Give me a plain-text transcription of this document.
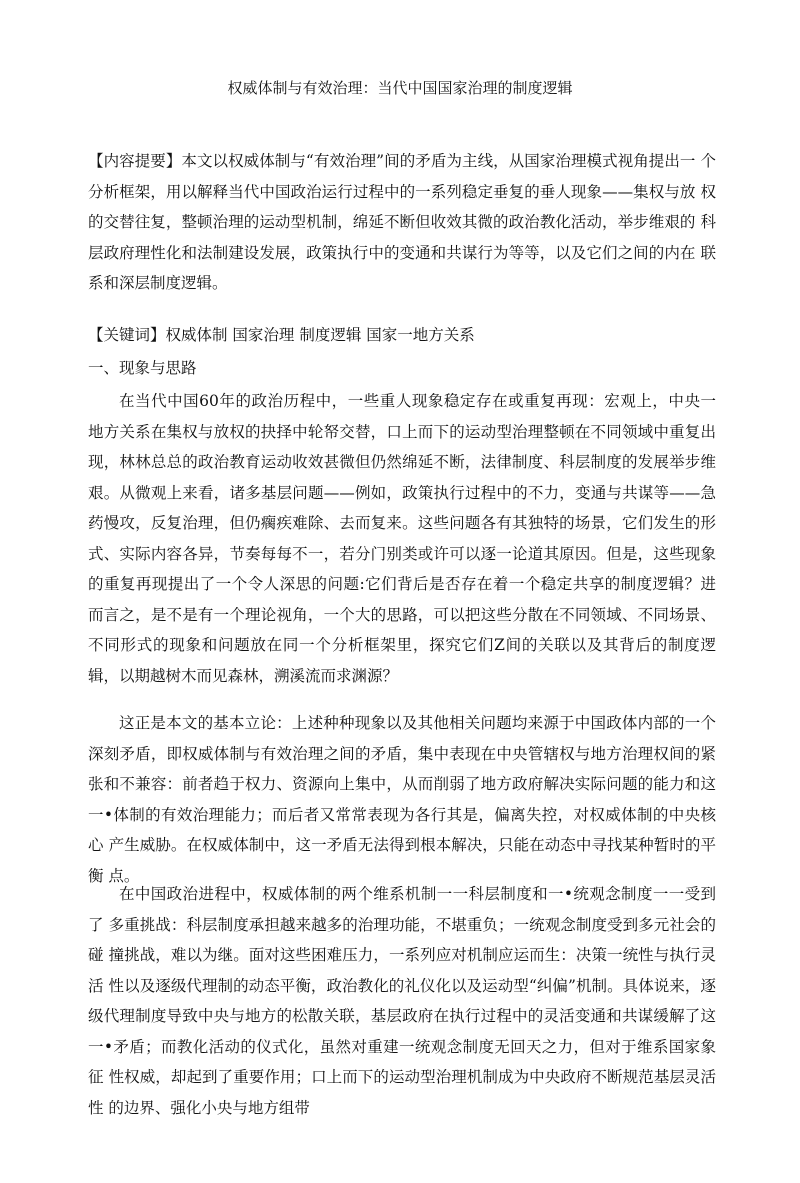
权威体制与有效治理：当代中国国家治理的制度逻辑

【内容提要】本文以权威体制与“有效治理”间的矛盾为主线，从国家治理模式视角提出一 个分析框架，用以解释当代中国政治运行过程中的一系列稳定垂复的垂人现象——集权与放 权的交替往复，整顿治理的运动型机制，绵延不断但收效其微的政治教化活动，举步维艰的 科层政府理性化和法制建设发展，政策执行中的变通和共谋行为等等，以及它们之间的内在 联系和深层制度逻辑。

【关键词】权威体制 国家治理 制度逻辑 国家一地方关系

一、现象与思路

在当代中国60年的政治历程中，一些重人现象稳定存在或重复再现：宏观上，中央一 地方关系在集权与放权的抉择中轮帑交替，口上而下的运动型治理整顿在不同领域中重复出 现，林林总总的政治教育运动收效甚微但仍然绵延不断，法律制度、科层制度的发展举步维 艰。从微观上来看，诸多基层问题——例如，政策执行过程中的不力，变通与共谋等——急 药慢攻，反复治理，但仍瘸疾难除、去而复来。这些问题各有其独特的场景，它们发生的形 式、实际内容各异，节奏每每不一，若分门别类或许可以逐一论道其原因。但是，这些现象 的重复再现提出了一个令人深思的问题:它们背后是否存在着一个稳定共享的制度逻辑？进 而言之，是不是有一个理论视角，一个大的思路，可以把这些分散在不同领域、不同场景、不同形式的现象和问题放在同一个分析框架里，探究它们Z间的关联以及其背后的制度逻 辑，以期越树木而见森林，溯溪流而求渊源？

这正是本文的基本立论：上述种种现象以及其他相关问题均来源于中国政体内部的一个 深刻矛盾，即权威体制与有效治理之间的矛盾，集中表现在中央管辖权与地方治理权间的紧 张和不兼容：前者趋于权力、资源向上集中，从而削弱了地方政府解决实际问题的能力和这 一•体制的有效治理能力；而后者又常常表现为各行其是，偏离失控，对权威体制的中央核心 产生威胁。在权威体制中，这一矛盾无法得到根本解决，只能在动态中寻找某种暂时的平衡 点。

在中国政治进程中，权威体制的两个维系机制一一科层制度和一•统观念制度一一受到了 多重挑战：科层制度承担越来越多的治理功能，不堪重负；一统观念制度受到多元社会的碰 撞挑战，难以为继。面对这些困难压力，一系列应对机制应运而生：决策一统性与执行灵活 性以及逐级代理制的动态平衡，政治教化的礼仪化以及运动型“纠偏”机制。具体说来，逐 级代理制度导致中央与地方的松散关联，基层政府在执行过程中的灵活变通和共谋缓解了这 一•矛盾；而教化活动的仪式化，虽然对重建一统观念制度无回天之力，但对于维系国家象征 性权威，却起到了重要作用；口上而下的运动型治理机制成为中央政府不断规范基层灵活性 的边界、强化小央与地方组带
